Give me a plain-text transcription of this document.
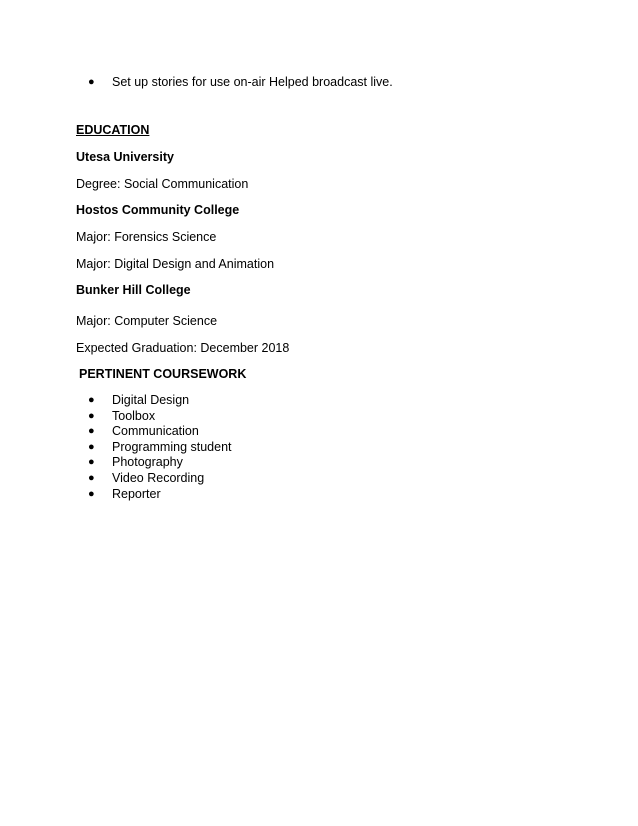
● Set up stories for use on-air Helped broadcast live.
EDUCATION
Utesa University
Degree: Social Communication
Hostos Community College
Major: Forensics Science
Major: Digital Design and Animation
Bunker Hill College
Major: Computer Science
Expected Graduation: December 2018
PERTINENT COURSEWORK
● Digital Design
● Toolbox
● Communication
● Programming student
● Photography
● Video Recording
● Reporter
